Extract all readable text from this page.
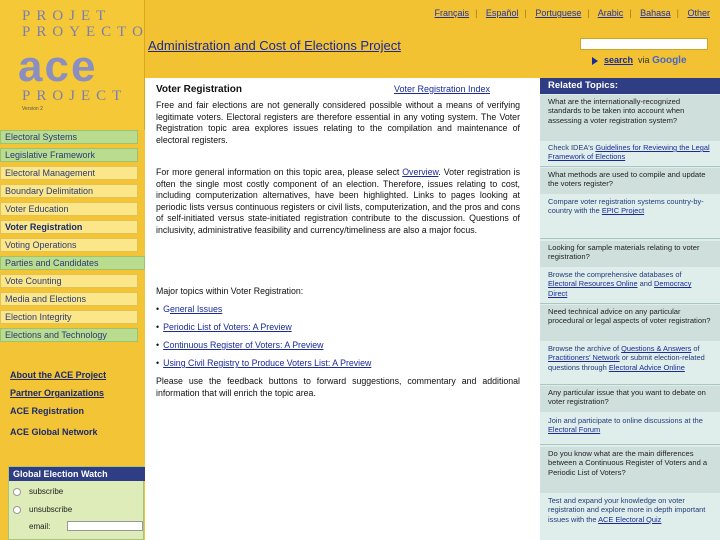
Français | Español | Portuguese | Arabic | Bahasa | Other
Administration and Cost of Elections Project
search via Google
Electoral Systems
Legislative Framework
Electoral Management
Boundary Delimitation
Voter Education
Voter Registration
Voting Operations
Parties and Candidates
Vote Counting
Media and Elections
Election Integrity
Elections and Technology
About the ACE Project
Partner Organizations
ACE Registration
ACE Global Network
PROJET
PROYECTO
ace
PROJECT
Version 2
Global Election Watch
subscribe
unsubscribe
email:
Voter Registration	Voter Registration Index
Free and fair elections are not generally considered possible without a means of verifying legitimate voters. Electoral registers are therefore essential in any voting system. The Voter Registration topic area explores issues relating to the compilation and maintenance of electoral registers.
For more general information on this topic area, please select Overview. Voter registration is often the single most costly component of an election. Therefore, issues relating to cost, including computerization alternatives, have been highlighted. Links to pages looking at periodic lists versus continuous registers or civil lists, computerization, and the pros and cons of self-initiated versus state-initiated registration contribute to the discussion. Questions of inclusivity, administrative feasibility and currency/timeliness are also a major focus.
Major topics within Voter Registration:
• General Issues
• Periodic List of Voters: A Preview
• Continuous Register of Voters: A Preview
• Using Civil Registry to Produce Voters List: A Preview
Please use the feedback buttons to forward suggestions, commentary and additional information that will enrich the topic area.
Related Topics:
What are the internationally-recognized standards to be taken into account when assessing a voter registration system?
Check IDEA's Guidelines for Reviewing the Legal Framework of Elections
What methods are used to compile and update the voters register?
Compare voter registration systems country-by-country with the EPIC Project
Looking for sample materials relating to voter registration?
Browse the comprehensive databases of Electoral Resources Online and Democracy Direct
Need technical advice on any particular procedural or legal aspects of voter registration?
Browse the archive of Questions & Answers of Practitioners' Network or submit election-related questions through Electoral Advice Online
Any particular issue that you want to debate on voter registration?
Join and participate to online discussions at the Electoral Forum
Do you know what are the main differences between a Continuous Register of Voters and a Periodic List of Voters?
Test and expand your knowledge on voter registration and explore more in depth important issues with the ACE Electoral Quiz
